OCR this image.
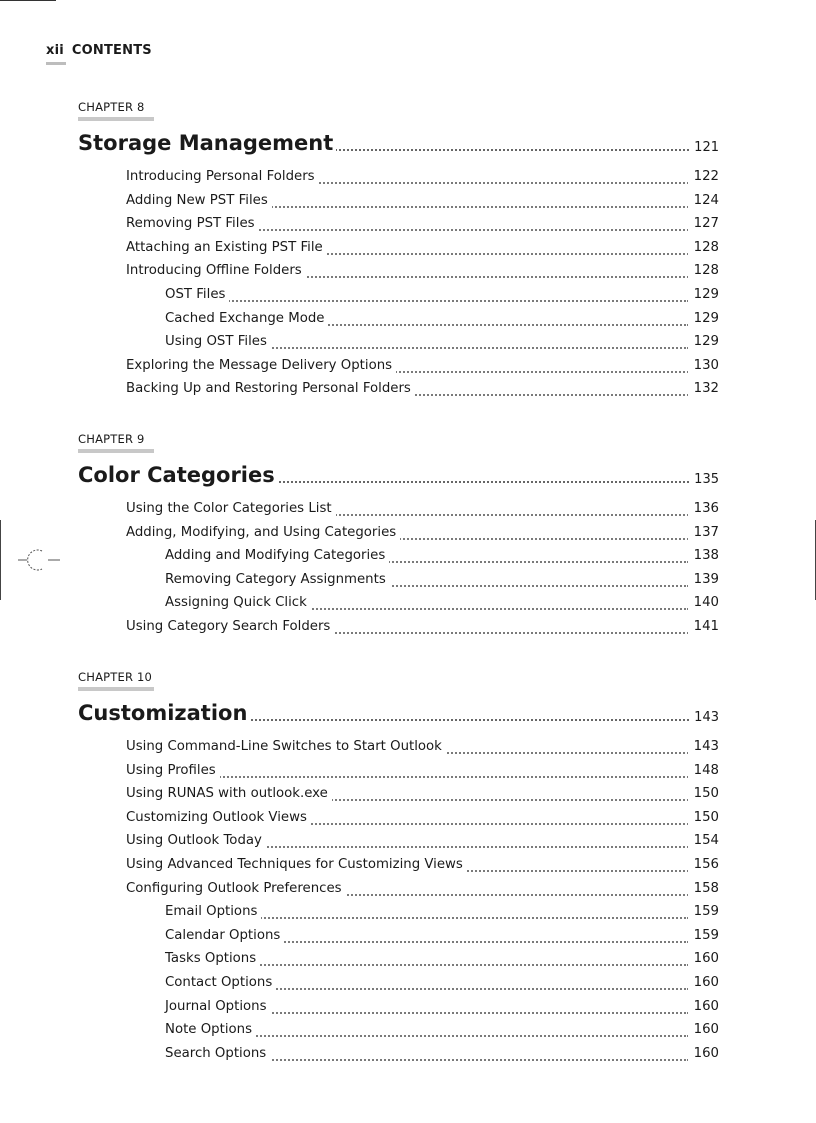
xii CONTENTS
CHAPTER 8
Storage Management	121
Introducing Personal Folders	122
Adding New PST Files	124
Removing PST Files	127
Attaching an Existing PST File	128
Introducing Offline Folders	128
OST Files	129
Cached Exchange Mode	129
Using OST Files	129
Exploring the Message Delivery Options	130
Backing Up and Restoring Personal Folders	132
CHAPTER 9
Color Categories	135
Using the Color Categories List	136
Adding, Modifying, and Using Categories	137
Adding and Modifying Categories	138
Removing Category Assignments	139
Assigning Quick Click	140
Using Category Search Folders	141
CHAPTER 10
Customization	143
Using Command-Line Switches to Start Outlook	143
Using Profiles	148
Using RUNAS with outlook.exe	150
Customizing Outlook Views	150
Using Outlook Today	154
Using Advanced Techniques for Customizing Views	156
Configuring Outlook Preferences	158
Email Options	159
Calendar Options	159
Tasks Options	160
Contact Options	160
Journal Options	160
Note Options	160
Search Options	160
